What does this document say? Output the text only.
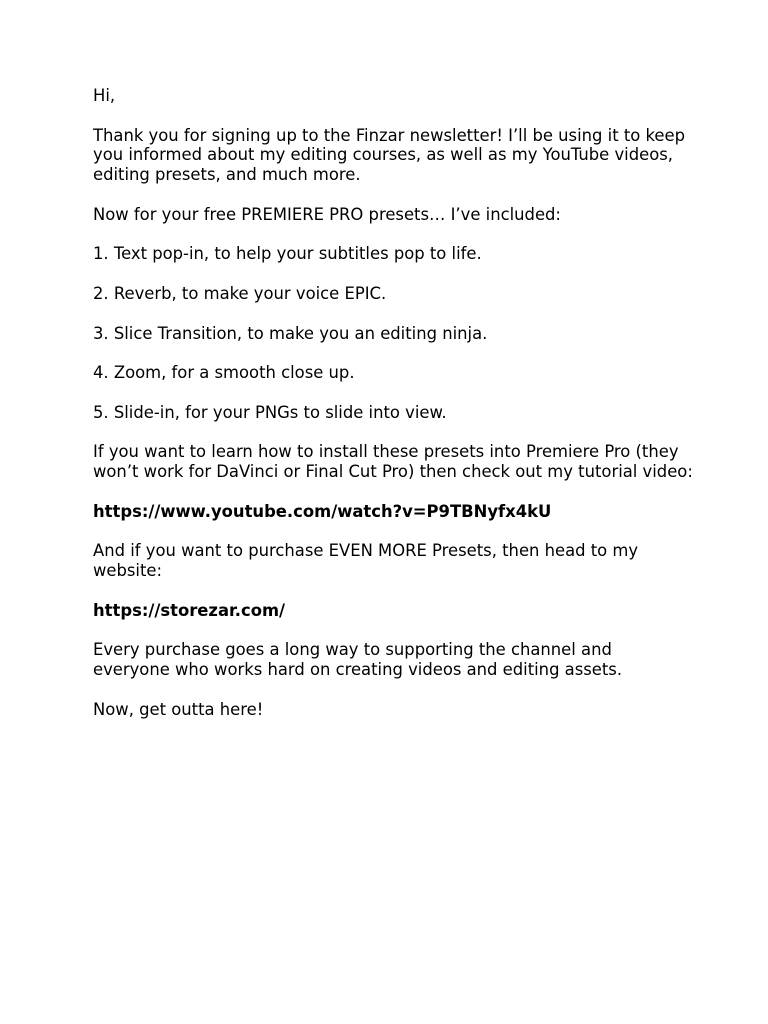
Hi,

Thank you for signing up to the Finzar newsletter! I’ll be using it to keep you informed about my editing courses, as well as my YouTube videos, editing presets, and much more.

Now for your free PREMIERE PRO presets… I’ve included:

1. Text pop-in, to help your subtitles pop to life.

2. Reverb, to make your voice EPIC.

3. Slice Transition, to make you an editing ninja.

4. Zoom, for a smooth close up.

5. Slide-in, for your PNGs to slide into view.

If you want to learn how to install these presets into Premiere Pro (they won’t work for DaVinci or Final Cut Pro) then check out my tutorial video:

https://www.youtube.com/watch?v=P9TBNyfx4kU

And if you want to purchase EVEN MORE Presets, then head to my website:

https://storezar.com/

Every purchase goes a long way to supporting the channel and everyone who works hard on creating videos and editing assets.

Now, get outta here!
